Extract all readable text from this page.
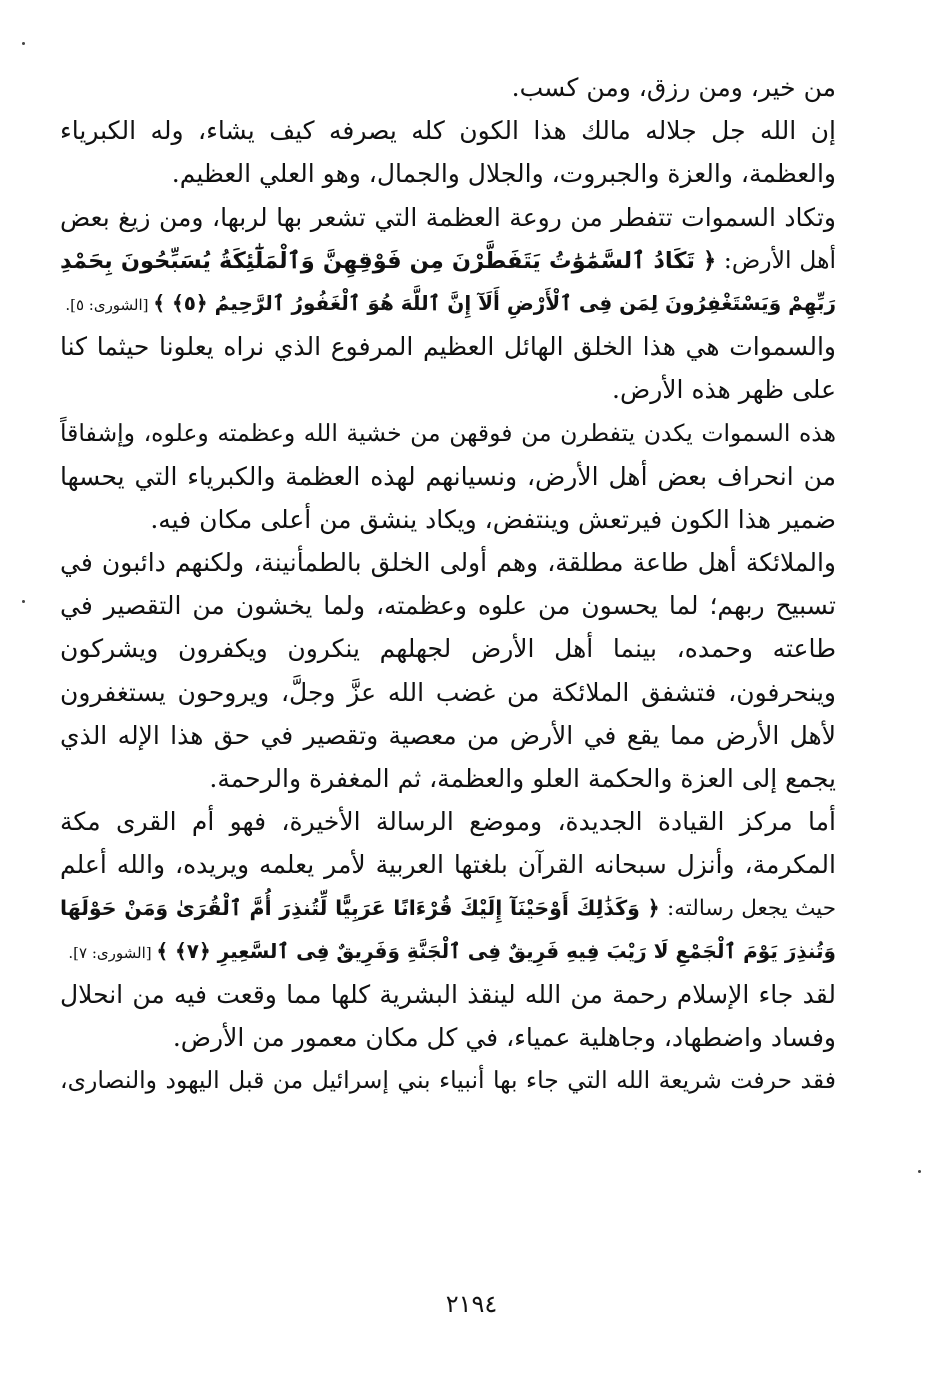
من خير، ومن رزق، ومن كسب.
إن الله جل جلاله مالك هذا الكون كله يصرفه كيف يشاء، وله الكبرياء
والعظمة، والعزة والجبروت، والجلال والجمال، وهو العلي العظيم.
وتكاد السموات تتفطر من روعة العظمة التي تشعر بها لربها، ومن زيغ بعض
أهل الأرض: ﴿ تَكَادُ ٱلسَّمَٰوَٰتُ يَتَفَطَّرْنَ مِن فَوْقِهِنَّ وَٱلْمَلَٰٓئِكَةُ يُسَبِّحُونَ بِحَمْدِ
رَبِّهِمْ وَيَسْتَغْفِرُونَ لِمَن فِى ٱلْأَرْضِ أَلَآ إِنَّ ٱللَّهَ هُوَ ٱلْغَفُورُ ٱلرَّحِيمُ ﴿٥﴾ ﴾ [الشورى: ٥].
والسموات هي هذا الخلق الهائل العظيم المرفوع الذي نراه يعلونا حيثما كنا
على ظهر هذه الأرض.
هذه السموات يكدن يتفطرن من فوقهن من خشية الله وعظمته وعلوه، وإشفاقاً
من انحراف بعض أهل الأرض، ونسيانهم لهذه العظمة والكبرياء التي يحسها
ضمير هذا الكون فيرتعش وينتفض، ويكاد ينشق من أعلى مكان فيه.
والملائكة أهل طاعة مطلقة، وهم أولى الخلق بالطمأنينة، ولكنهم دائبون في
تسبيح ربهم؛ لما يحسون من علوه وعظمته، ولما يخشون من التقصير في
طاعته وحمده، بينما أهل الأرض لجهلهم ينكرون ويكفرون ويشركون
وينحرفون، فتشفق الملائكة من غضب الله عزَّ وجلَّ، ويروحون يستغفرون
لأهل الأرض مما يقع في الأرض من معصية وتقصير في حق هذا الإله الذي
يجمع إلى العزة والحكمة العلو والعظمة، ثم المغفرة والرحمة.
أما مركز القيادة الجديدة، وموضع الرسالة الأخيرة، فهو أم القرى مكة
المكرمة، وأنزل سبحانه القرآن بلغتها العربية لأمر يعلمه ويريده، والله أعلم
حيث يجعل رسالته: ﴿ وَكَذَٰلِكَ أَوْحَيْنَآ إِلَيْكَ قُرْءَانًا عَرَبِيًّا لِّتُنذِرَ أُمَّ ٱلْقُرَىٰ وَمَنْ حَوْلَهَا
وَتُنذِرَ يَوْمَ ٱلْجَمْعِ لَا رَيْبَ فِيهِ فَرِيقٌ فِى ٱلْجَنَّةِ وَفَرِيقٌ فِى ٱلسَّعِيرِ ﴿٧﴾ ﴾ [الشورى: ٧].
لقد جاء الإسلام رحمة من الله لينقذ البشرية كلها مما وقعت فيه من انحلال
وفساد واضطهاد، وجاهلية عمياء، في كل مكان معمور من الأرض.
فقد حرفت شريعة الله التي جاء بها أنبياء بني إسرائيل من قبل اليهود والنصارى،
٢١٩٤
